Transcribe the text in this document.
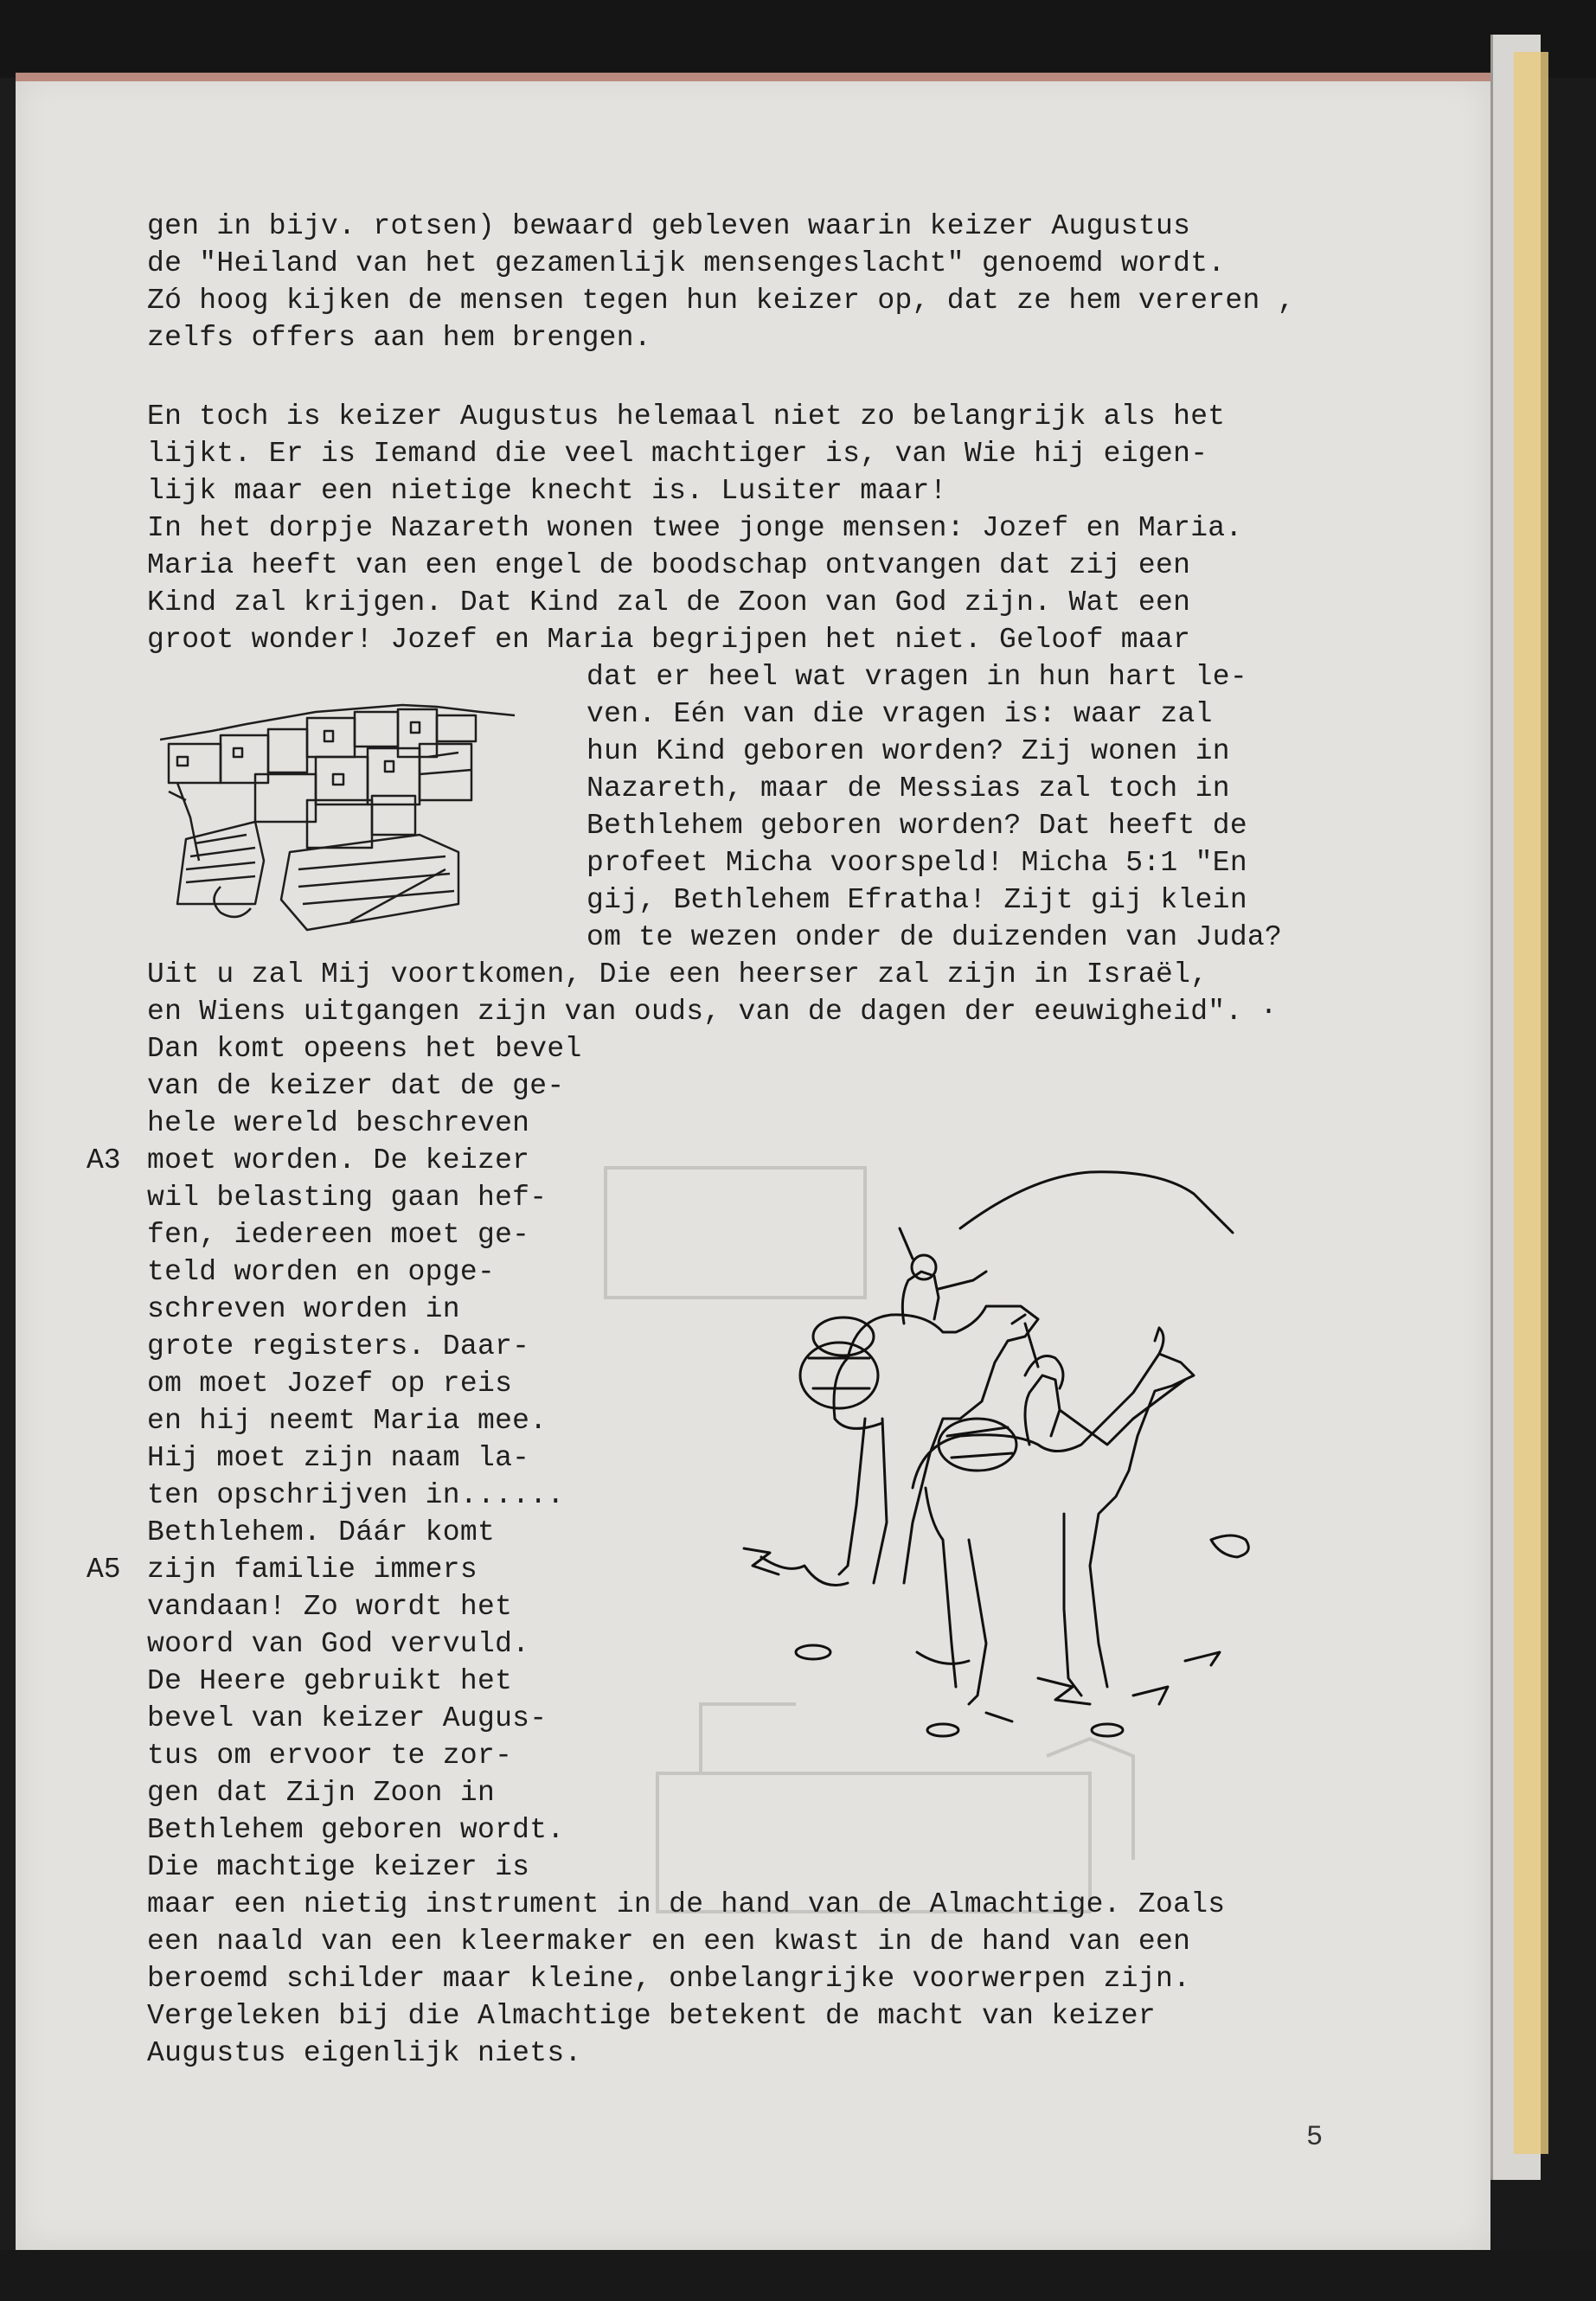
gen in bijv. rotsen) bewaard gebleven waarin keizer Augustus
de "Heiland van het gezamenlijk mensengeslacht" genoemd wordt.
Zó hoog kijken de mensen tegen hun keizer op, dat ze hem vereren ,
zelfs offers aan hem brengen.
En toch is keizer Augustus helemaal niet zo belangrijk als het
lijkt. Er is Iemand die veel machtiger is, van Wie hij eigen-
lijk maar een nietige knecht is. Lusiter maar!
In het dorpje Nazareth wonen twee jonge mensen: Jozef en Maria.
Maria heeft van een engel de boodschap ontvangen dat zij een
Kind zal krijgen. Dat Kind zal de Zoon van God zijn. Wat een
groot wonder! Jozef en Maria begrijpen het niet. Geloof maar
dat er heel wat vragen in hun hart le-
ven. Eén van die vragen is: waar zal
hun Kind geboren worden? Zij wonen in
Nazareth, maar de Messias zal toch in
Bethlehem geboren worden? Dat heeft de
profeet Micha voorspeld! Micha 5:1 "En
gij, Bethlehem Efratha! Zijt gij klein
om te wezen onder de duizenden van Juda?
Uit u zal Mij voortkomen, Die een heerser zal zijn in Israël,
en Wiens uitgangen zijn van ouds, van de dagen der eeuwigheid". ·
Dan komt opeens het bevel
van de keizer dat de ge-
hele wereld beschreven
moet worden. De keizer
wil belasting gaan hef-
fen, iedereen moet ge-
teld worden en opge-
schreven worden in
grote registers. Daar-
om moet Jozef op reis
en hij neemt Maria mee.
Hij moet zijn naam la-
ten opschrijven in......
Bethlehem. Dáár komt
zijn familie immers
vandaan! Zo wordt het
woord van God vervuld.
De Heere gebruikt het
bevel van keizer Augus-
tus om ervoor te zor-
gen dat Zijn Zoon in
Bethlehem geboren wordt.
Die machtige keizer is
A3
A5
maar een nietig instrument in de hand van de Almachtige. Zoals
een naald van een kleermaker en een kwast in de hand van een
beroemd schilder maar kleine, onbelangrijke voorwerpen zijn.
Vergeleken bij die Almachtige betekent de macht van keizer
Augustus eigenlijk niets.
5
